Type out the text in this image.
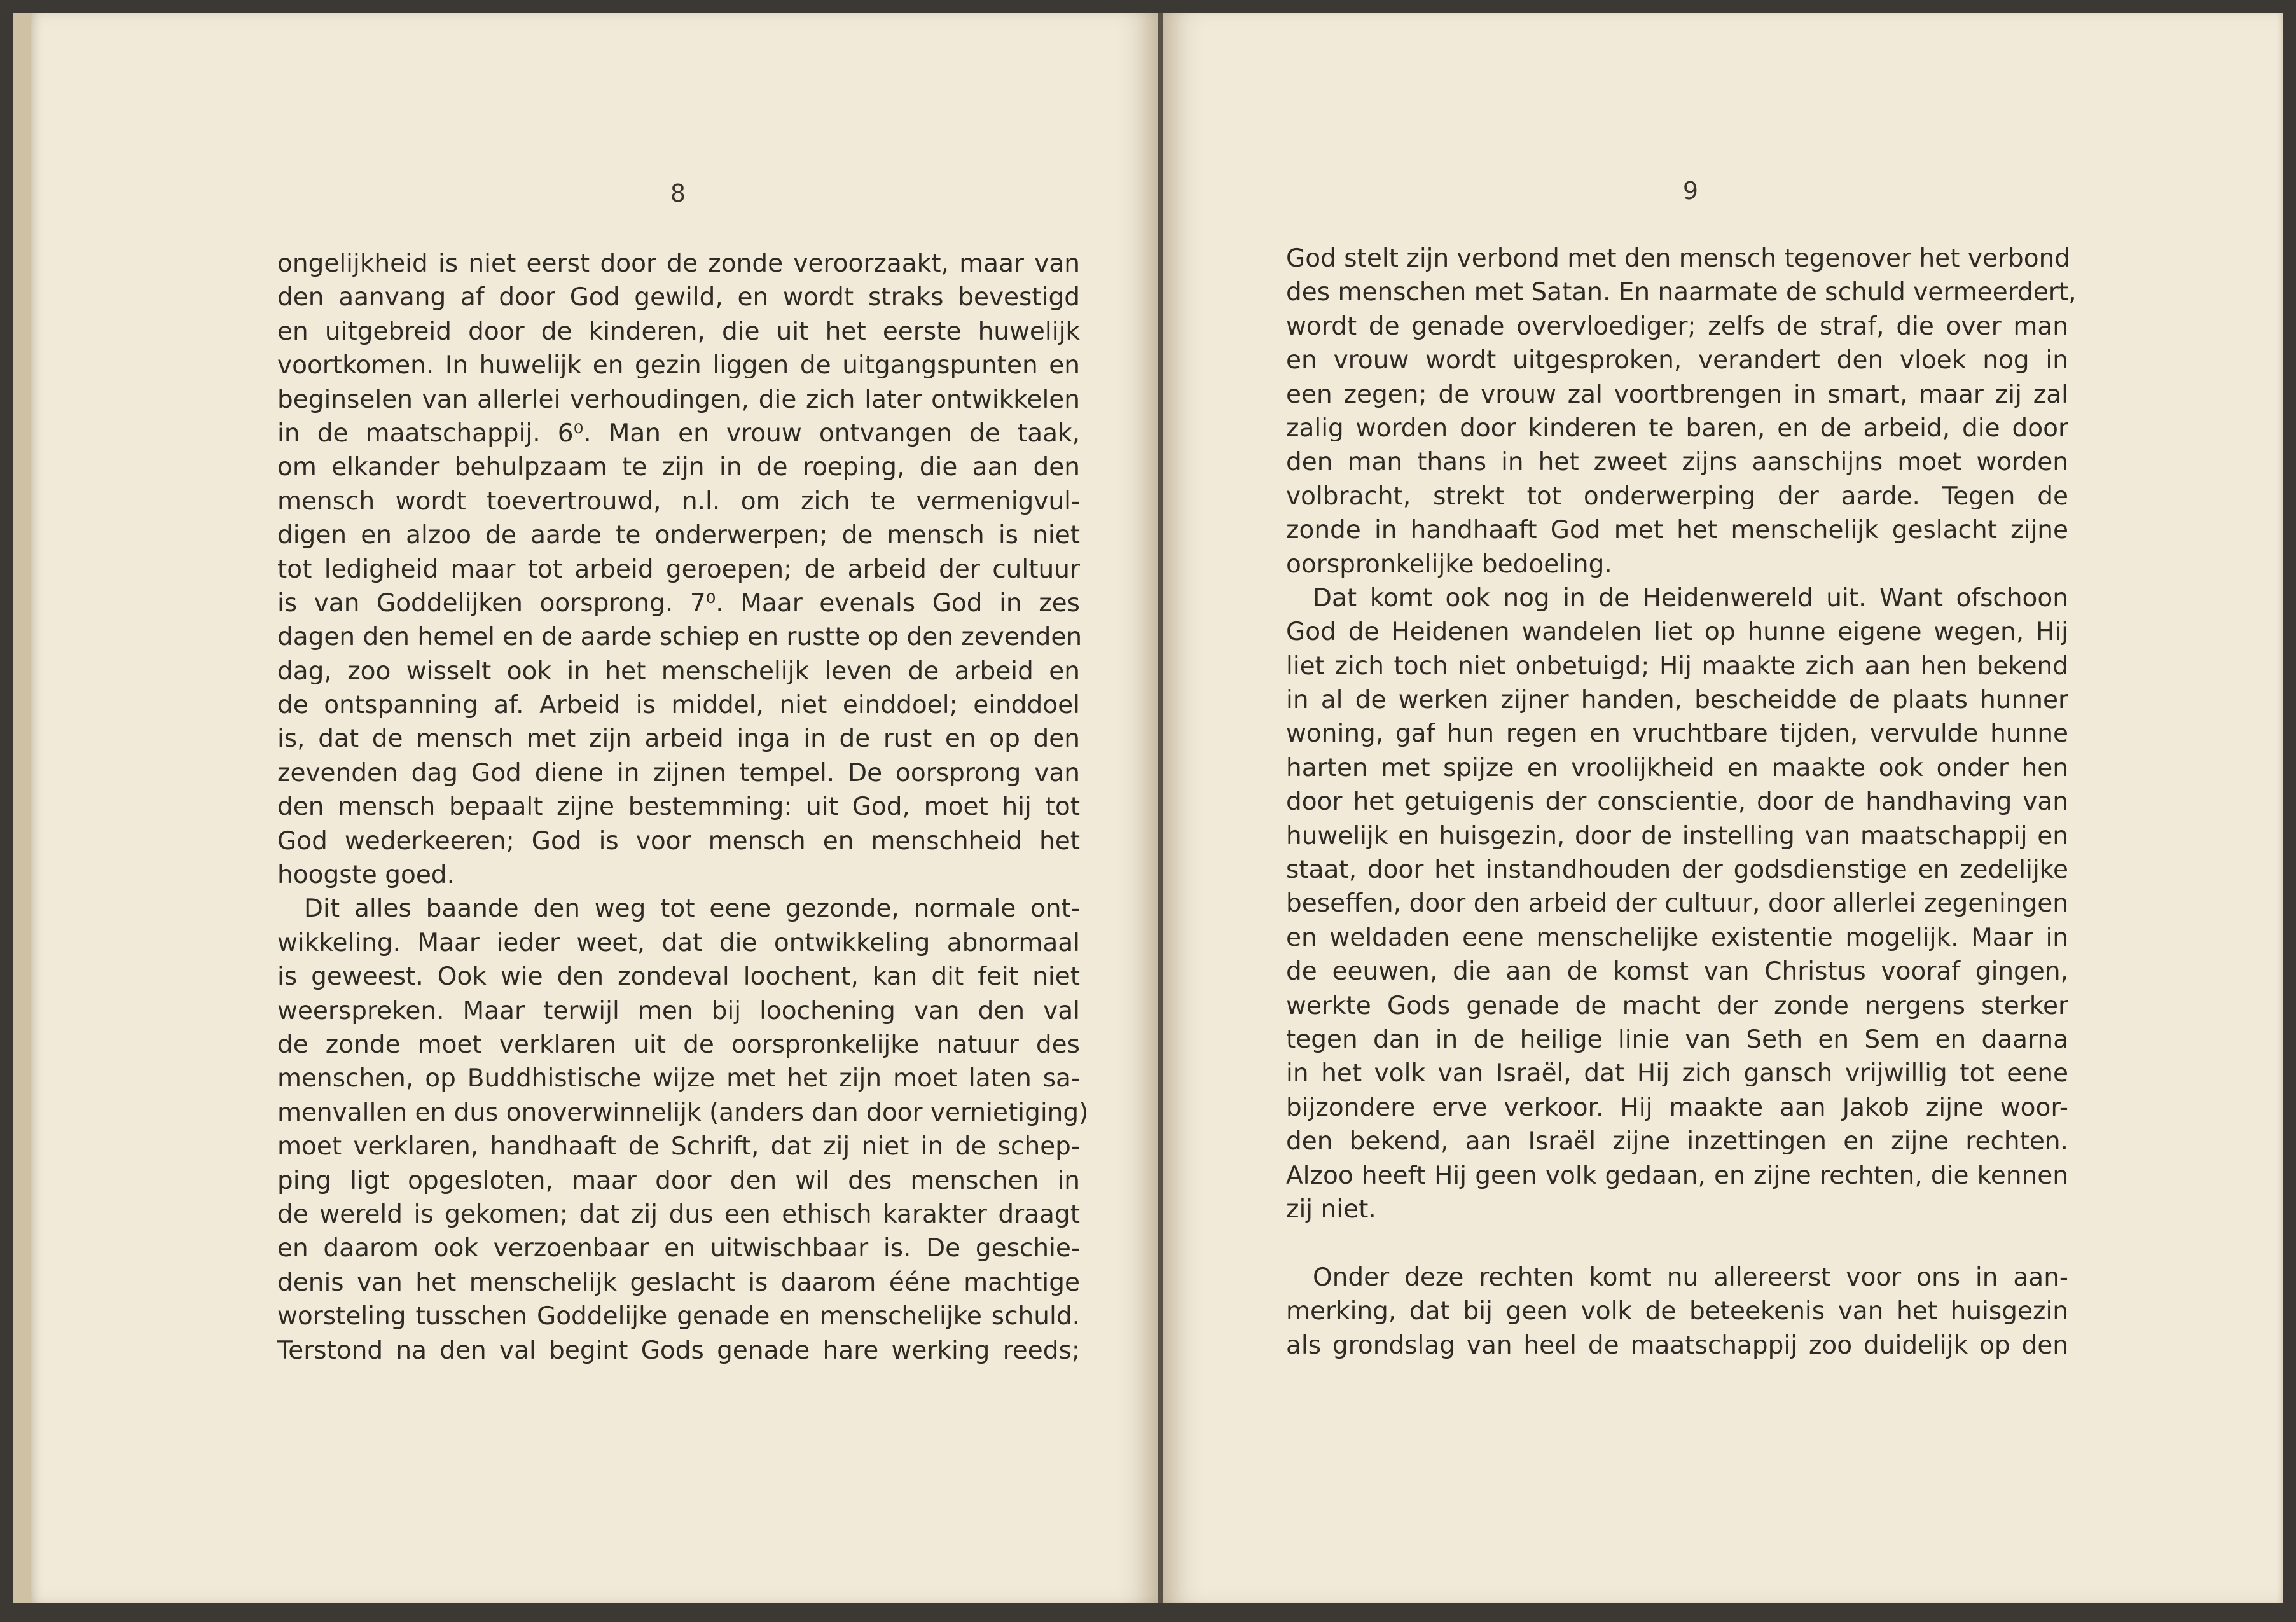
8
ongelijkheid is niet eerst door de zonde veroorzaakt, maar van
den aanvang af door God gewild, en wordt straks bevestigd
en uitgebreid door de kinderen, die uit het eerste huwelijk
voortkomen. In huwelijk en gezin liggen de uitgangspunten en
beginselen van allerlei verhoudingen, die zich later ontwikkelen
in de maatschappij. 6⁰. Man en vrouw ontvangen de taak,
om elkander behulpzaam te zijn in de roeping, die aan den
mensch wordt toevertrouwd, n.l. om zich te vermenigvul-
digen en alzoo de aarde te onderwerpen; de mensch is niet
tot ledigheid maar tot arbeid geroepen; de arbeid der cultuur
is van Goddelijken oorsprong. 7⁰. Maar evenals God in zes
dagen den hemel en de aarde schiep en rustte op den zevenden
dag, zoo wisselt ook in het menschelijk leven de arbeid en
de ontspanning af. Arbeid is middel, niet einddoel; einddoel
is, dat de mensch met zijn arbeid inga in de rust en op den
zevenden dag God diene in zijnen tempel. De oorsprong van
den mensch bepaalt zijne bestemming: uit God, moet hij tot
God wederkeeren; God is voor mensch en menschheid het
hoogste goed.
Dit alles baande den weg tot eene gezonde, normale ont-
wikkeling. Maar ieder weet, dat die ontwikkeling abnormaal
is geweest. Ook wie den zondeval loochent, kan dit feit niet
weerspreken. Maar terwijl men bij loochening van den val
de zonde moet verklaren uit de oorspronkelijke natuur des
menschen, op Buddhistische wijze met het zijn moet laten sa-
menvallen en dus onoverwinnelijk (anders dan door vernietiging)
moet verklaren, handhaaft de Schrift, dat zij niet in de schep-
ping ligt opgesloten, maar door den wil des menschen in
de wereld is gekomen; dat zij dus een ethisch karakter draagt
en daarom ook verzoenbaar en uitwischbaar is. De geschie-
denis van het menschelijk geslacht is daarom ééne machtige
worsteling tusschen Goddelijke genade en menschelijke schuld.
Terstond na den val begint Gods genade hare werking reeds;
9
God stelt zijn verbond met den mensch tegenover het verbond
des menschen met Satan. En naarmate de schuld vermeerdert,
wordt de genade overvloediger; zelfs de straf, die over man
en vrouw wordt uitgesproken, verandert den vloek nog in
een zegen; de vrouw zal voortbrengen in smart, maar zij zal
zalig worden door kinderen te baren, en de arbeid, die door
den man thans in het zweet zijns aanschijns moet worden
volbracht, strekt tot onderwerping der aarde. Tegen de
zonde in handhaaft God met het menschelijk geslacht zijne
oorspronkelijke bedoeling.
Dat komt ook nog in de Heidenwereld uit. Want ofschoon
God de Heidenen wandelen liet op hunne eigene wegen, Hij
liet zich toch niet onbetuigd; Hij maakte zich aan hen bekend
in al de werken zijner handen, bescheidde de plaats hunner
woning, gaf hun regen en vruchtbare tijden, vervulde hunne
harten met spijze en vroolijkheid en maakte ook onder hen
door het getuigenis der conscientie, door de handhaving van
huwelijk en huisgezin, door de instelling van maatschappij en
staat, door het instandhouden der godsdienstige en zedelijke
beseffen, door den arbeid der cultuur, door allerlei zegeningen
en weldaden eene menschelijke existentie mogelijk. Maar in
de eeuwen, die aan de komst van Christus vooraf gingen,
werkte Gods genade de macht der zonde nergens sterker
tegen dan in de heilige linie van Seth en Sem en daarna
in het volk van Israël, dat Hij zich gansch vrijwillig tot eene
bijzondere erve verkoor. Hij maakte aan Jakob zijne woor-
den bekend, aan Israël zijne inzettingen en zijne rechten.
Alzoo heeft Hij geen volk gedaan, en zijne rechten, die kennen
zij niet.
Onder deze rechten komt nu allereerst voor ons in aan-
merking, dat bij geen volk de beteekenis van het huisgezin
als grondslag van heel de maatschappij zoo duidelijk op den
